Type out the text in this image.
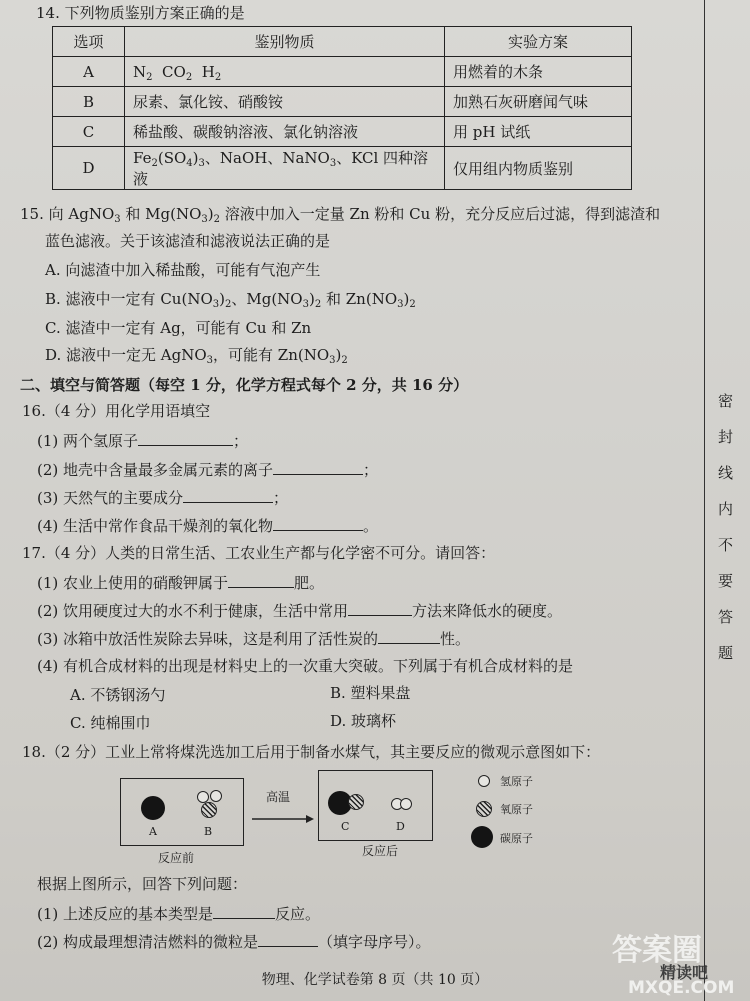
14. 下列物质鉴别方案正确的是
选项	鉴别物质	实验方案
A	$N_2$  $CO_2$  $H_2$	用燃着的木条
B	尿素、氯化铵、硝酸铵	加熟石灰研磨闻气味
C	稀盐酸、碳酸钠溶液、氯化钠溶液	用 pH 试纸
D	$Fe_2(SO_4)_3$、NaOH、NaNO$_3$、KCl 四种溶液	仅用组内物质鉴别
15. 向 AgNO$_3$ 和 $Mg(NO_3)_2$ 溶液中加入一定量 Zn 粉和 Cu 粉，充分反应后过滤，得到滤渣和
蓝色滤液。关于该滤渣和滤液说法正确的是
A. 向滤渣中加入稀盐酸，可能有气泡产生
B. 滤液中一定有 $Cu(NO_3)_2$、$Mg(NO_3)_2$ 和 $Zn(NO_3)_2$
C. 滤渣中一定有 Ag，可能有 Cu 和 Zn
D. 滤液中一定无 AgNO$_3$，可能有 $Zn(NO_3)_2$
二、填空与简答题（每空 1 分，化学方程式每个 2 分，共 16 分）
16.（4 分）用化学用语填空
(1) 两个氢原子	；
(2) 地壳中含量最多金属元素的离子	；
(3) 天然气的主要成分	；
(4) 生活中常作食品干燥剂的氧化物	。
17.（4 分）人类的日常生活、工农业生产都与化学密不可分。请回答：
(1) 农业上使用的硝酸钾属于	肥。
(2) 饮用硬度过大的水不利于健康，生活中常用	方法来降低水的硬度。
(3) 冰箱中放活性炭除去异味，这是利用了活性炭的	性。
(4) 有机合成材料的出现是材料史上的一次重大突破。下列属于有机合成材料的是
A. 不锈钢汤勺	B. 塑料果盘
C. 纯棉围巾	D. 玻璃杯
18.（2 分）工业上常将煤洗选加工后用于制备水煤气，其主要反应的微观示意图如下：
A	B
高温
C	D
反应前	反应后
氢原子
氧原子
碳原子
根据上图所示，回答下列问题：
(1) 上述反应的基本类型是	反应。
(2) 构成最理想清洁燃料的微粒是	（填字母序号）。
密
封
线
内
不
要
答
题
物理、化学试卷第 8 页（共 10 页）
答案圈
精读吧
MXQE.COM
